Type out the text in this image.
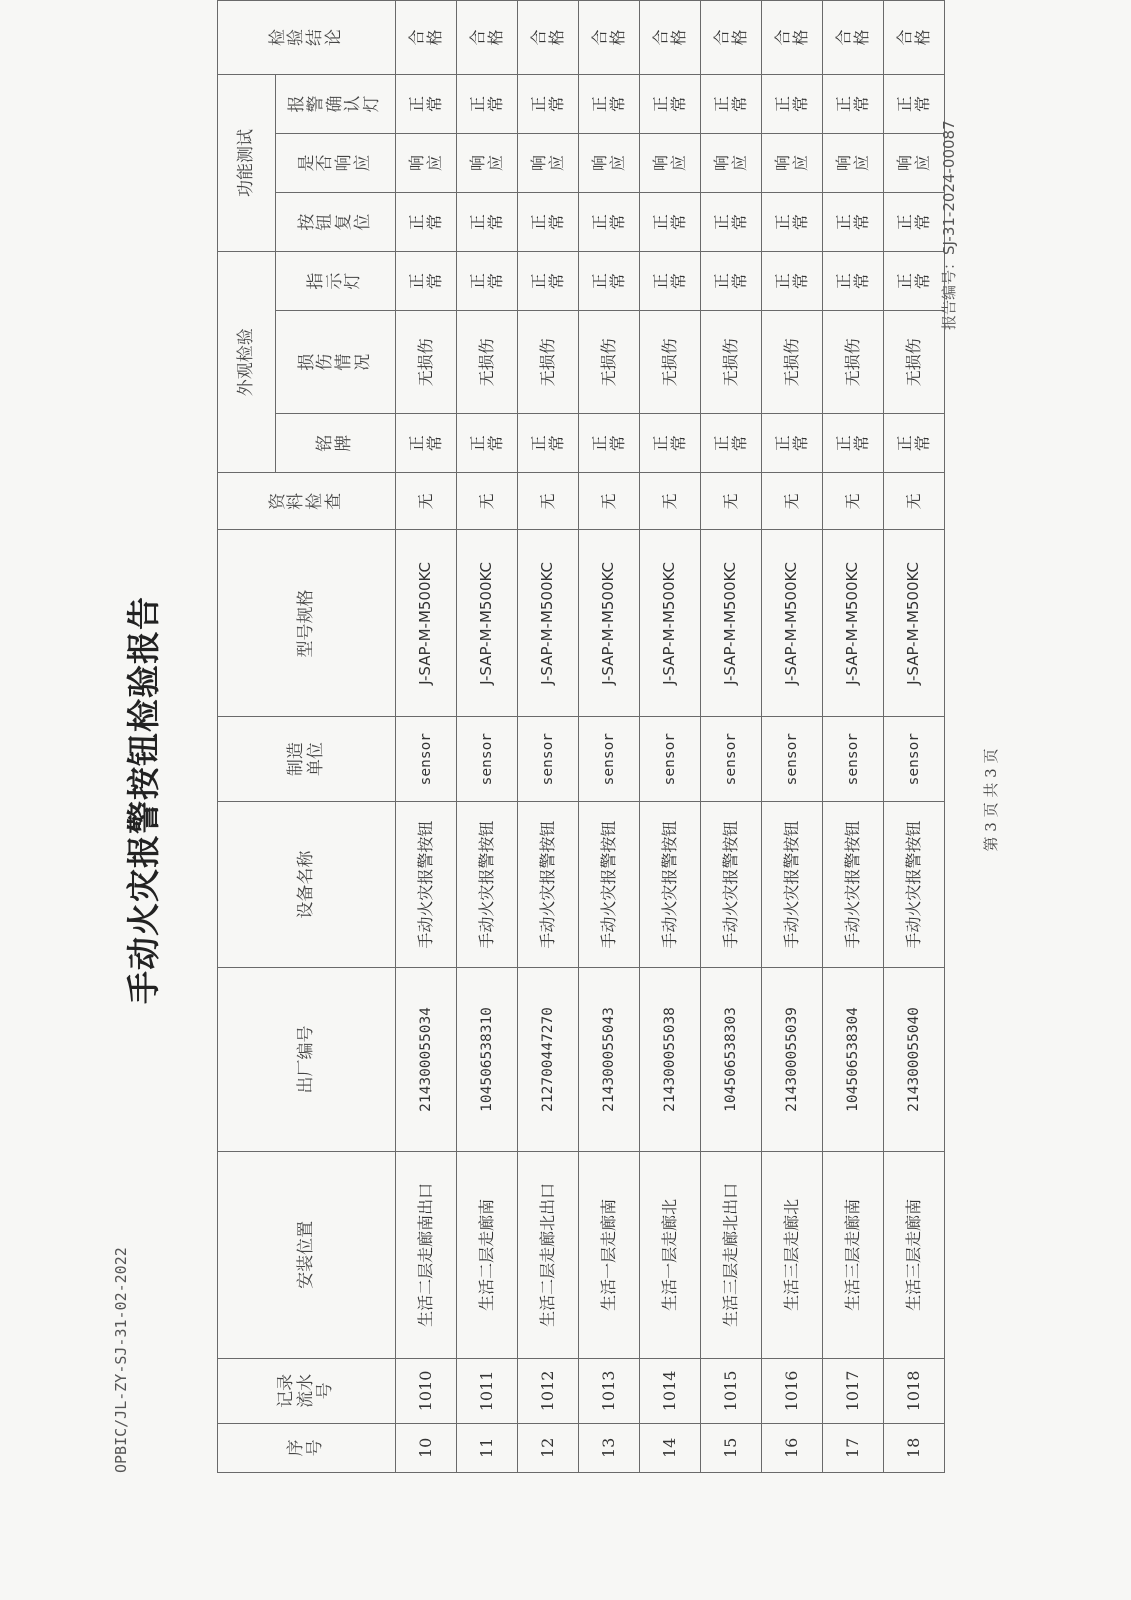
OPBIC/JL-ZY-SJ-31-02-2022
手动火灾报警按钮检验报告
序号	记录流水号	安装位置	出厂编号	设备名称	制造单位	型号规格	资料检查	外观检验			功能测试			检验结论
								铭牌	损伤情况	指示灯	按钮复位	是否响应	报警确认灯	
10	1010	生活二层走廊南出口	214300055034	手动火灾报警按钮	sensor	J-SAP-M-M500KC	无	正常	无损伤	正常	正常	响应	正常	合格
11	1011	生活二层走廊南	104506538310	手动火灾报警按钮	sensor	J-SAP-M-M500KC	无	正常	无损伤	正常	正常	响应	正常	合格
12	1012	生活二层走廊北出口	212700447270	手动火灾报警按钮	sensor	J-SAP-M-M500KC	无	正常	无损伤	正常	正常	响应	正常	合格
13	1013	生活一层走廊南	214300055043	手动火灾报警按钮	sensor	J-SAP-M-M500KC	无	正常	无损伤	正常	正常	响应	正常	合格
14	1014	生活一层走廊北	214300055038	手动火灾报警按钮	sensor	J-SAP-M-M500KC	无	正常	无损伤	正常	正常	响应	正常	合格
15	1015	生活三层走廊北出口	104506538303	手动火灾报警按钮	sensor	J-SAP-M-M500KC	无	正常	无损伤	正常	正常	响应	正常	合格
16	1016	生活三层走廊北	214300055039	手动火灾报警按钮	sensor	J-SAP-M-M500KC	无	正常	无损伤	正常	正常	响应	正常	合格
17	1017	生活三层走廊南	104506538304	手动火灾报警按钮	sensor	J-SAP-M-M500KC	无	正常	无损伤	正常	正常	响应	正常	合格
18	1018	生活三层走廊南	214300055040	手动火灾报警按钮	sensor	J-SAP-M-M500KC	无	正常	无损伤	正常	正常	响应	正常	合格
报告编号：SJ-31-2024-00087
第 3 页 共 3 页
